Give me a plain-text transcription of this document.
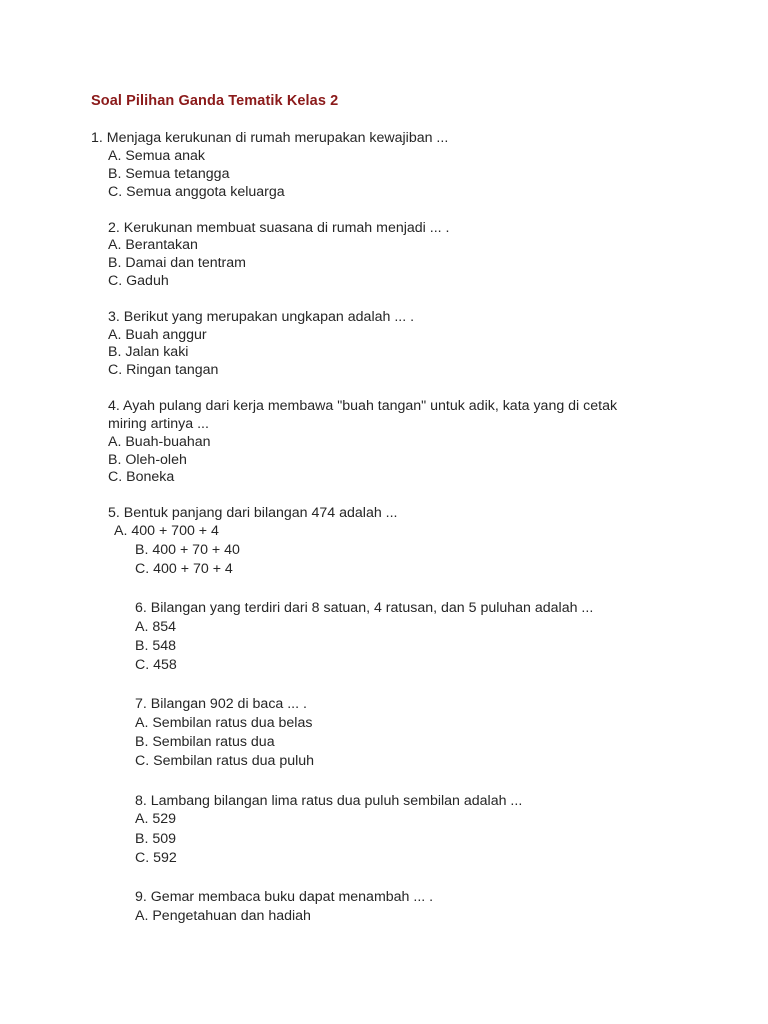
Soal Pilihan Ganda Tematik Kelas 2
1. Menjaga kerukunan di rumah merupakan kewajiban ...
A. Semua anak
B. Semua tetangga
C. Semua anggota keluarga
2. Kerukunan membuat suasana di rumah menjadi ... .
A. Berantakan
B. Damai dan tentram
C. Gaduh
3. Berikut yang merupakan ungkapan adalah ... .
A. Buah anggur
B. Jalan kaki
C. Ringan tangan
4. Ayah pulang dari kerja membawa "buah tangan" untuk adik, kata yang di cetak
miring artinya ...
A. Buah-buahan
B. Oleh-oleh
C. Boneka
5. Bentuk panjang dari bilangan 474 adalah ...
A. 400 + 700 + 4
B. 400 + 70 + 40
C. 400 + 70 + 4
6. Bilangan yang terdiri dari 8 satuan, 4 ratusan, dan 5 puluhan adalah ...
A. 854
B. 548
C. 458
7. Bilangan 902 di baca ... .
A. Sembilan ratus dua belas
B. Sembilan ratus dua
C. Sembilan ratus dua puluh
8. Lambang bilangan lima ratus dua puluh sembilan adalah ...
A. 529
B. 509
C. 592
9. Gemar membaca buku dapat menambah ... .
A. Pengetahuan dan hadiah
